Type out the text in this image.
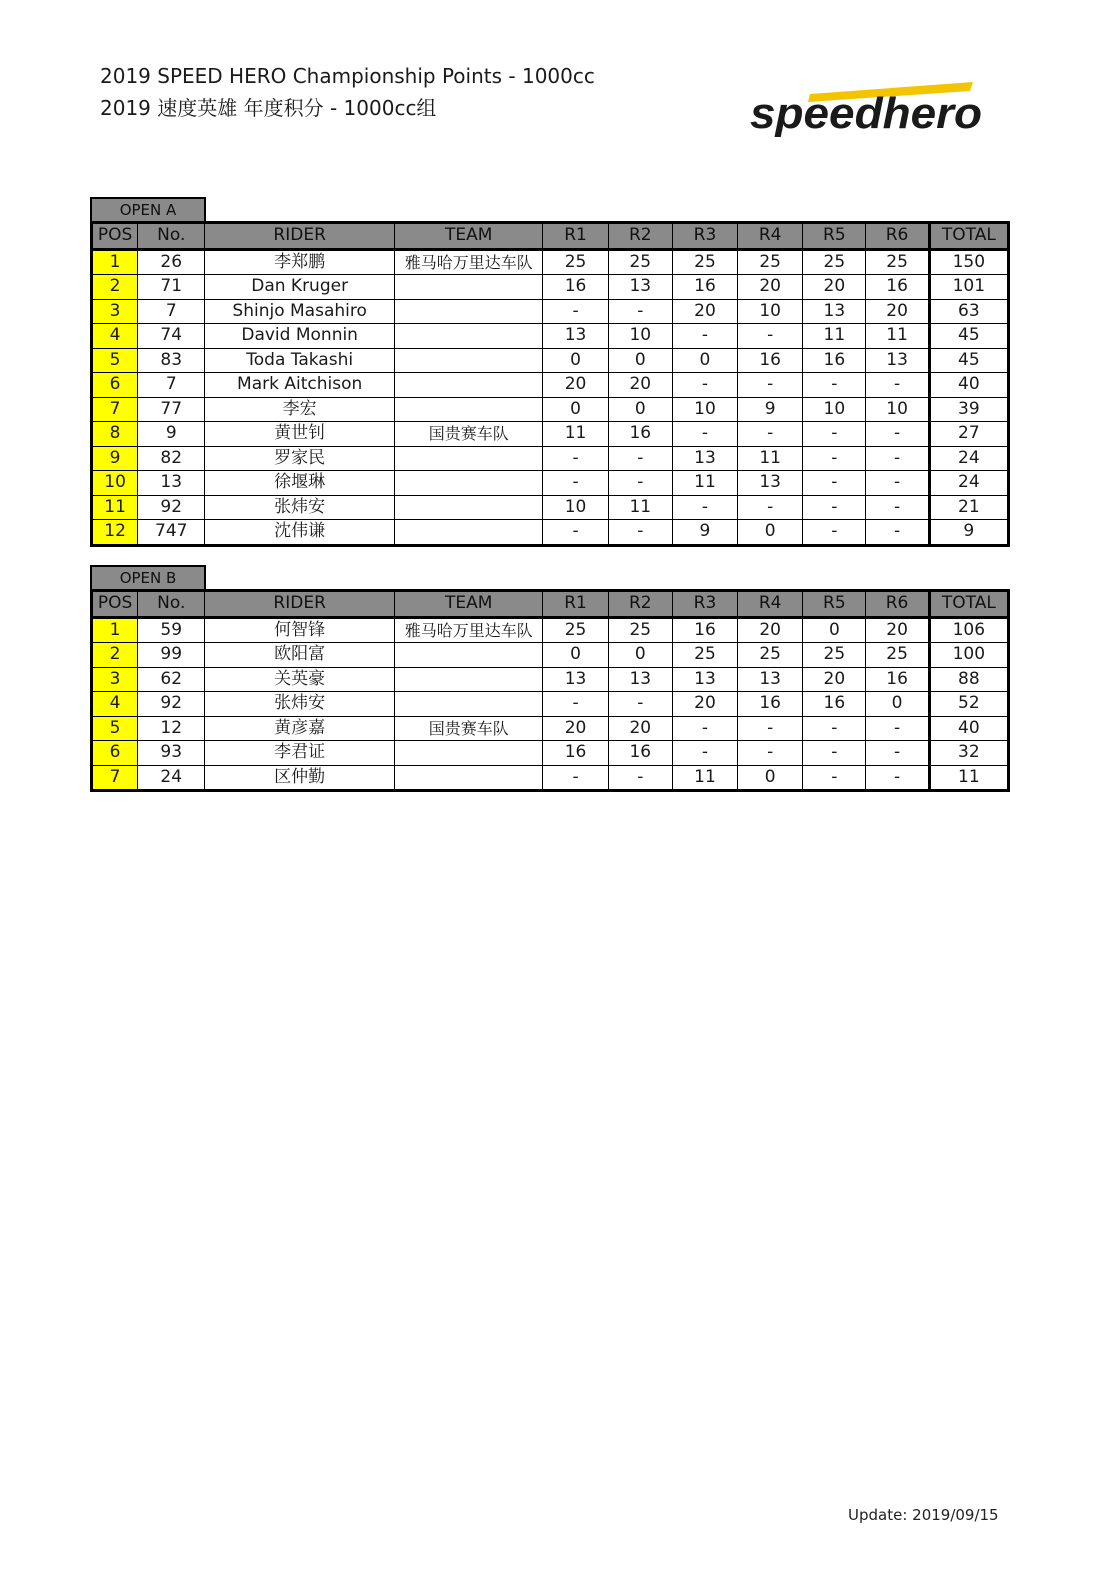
2019 SPEED HERO Championship Points - 1000cc
2019 速度英雄 年度积分 - 1000cc组	speedhero
OPEN A
POS	No.	RIDER	TEAM	R1	R2	R3	R4	R5	R6	TOTAL
1	26	李郑鹏	雅马哈万里达车队	25	25	25	25	25	25	150
2	71	Dan Kruger		16	13	16	20	20	16	101
3	7	Shinjo Masahiro		-	-	20	10	13	20	63
4	74	David Monnin		13	10	-	-	11	11	45
5	83	Toda Takashi		0	0	0	16	16	13	45
6	7	Mark Aitchison		20	20	-	-	-	-	40
7	77	李宏		0	0	10	9	10	10	39
8	9	黄世钊	国贵赛车队	11	16	-	-	-	-	27
9	82	罗家民		-	-	13	11	-	-	24
10	13	徐堰琳		-	-	11	13	-	-	24
11	92	张炜安		10	11	-	-	-	-	21
12	747	沈伟谦		-	-	9	0	-	-	9
OPEN B
POS	No.	RIDER	TEAM	R1	R2	R3	R4	R5	R6	TOTAL
1	59	何智锋	雅马哈万里达车队	25	25	16	20	0	20	106
2	99	欧阳富		0	0	25	25	25	25	100
3	62	关英豪		13	13	13	13	20	16	88
4	92	张炜安		-	-	20	16	16	0	52
5	12	黄彦嘉	国贵赛车队	20	20	-	-	-	-	40
6	93	李君证		16	16	-	-	-	-	32
7	24	区仲勤		-	-	11	0	-	-	11
Update: 2019/09/15
